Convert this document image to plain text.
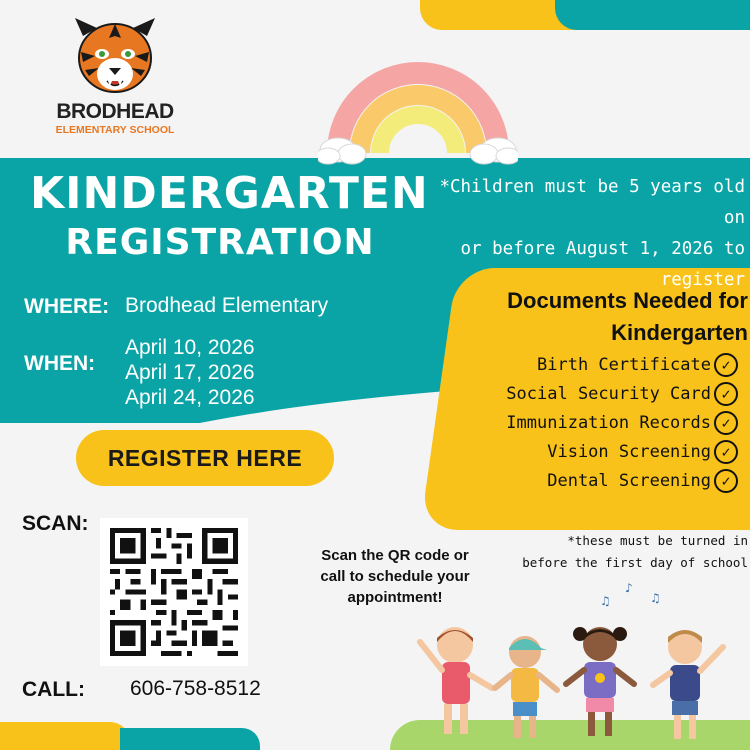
BRODHEAD
ELEMENTARY SCHOOL
KINDERGARTEN
REGISTRATION
*Children must be 5 years old on
or before August 1, 2026 to
register
WHERE: Brodhead Elementary
WHEN:
April 10, 2026
April 17, 2026
April 24, 2026
REGISTER HERE
Documents Needed for
Kindergarten
Birth Certificate ✓
Social Security Card ✓
Immunization Records ✓
Vision Screening ✓
Dental Screening ✓
*these must be turned in
before the first day of school
SCAN:
Scan the QR code or
call to schedule your
appointment!
CALL: 606-758-8512
♪
♫	♫
